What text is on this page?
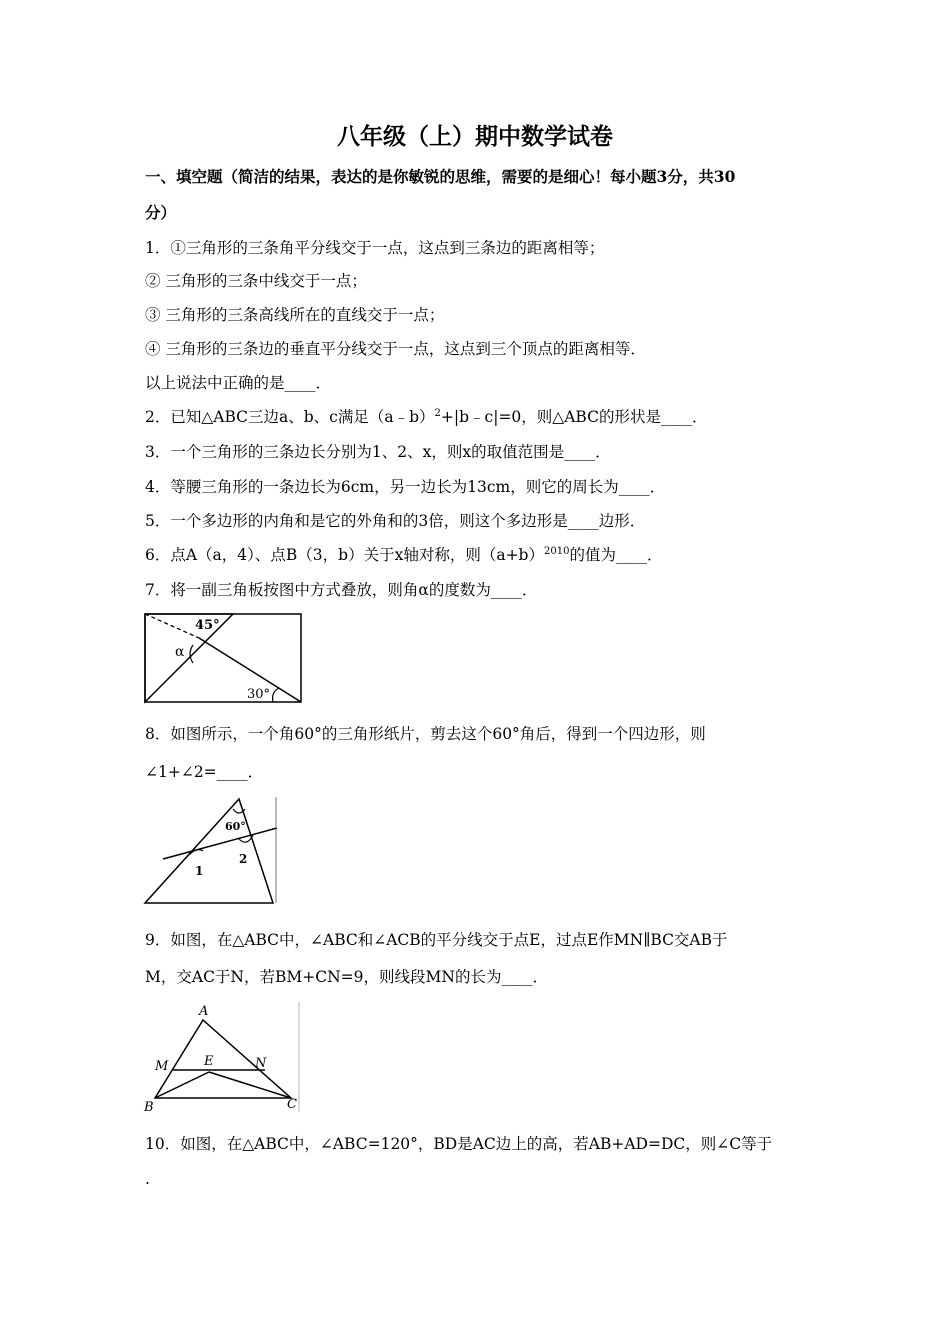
八年级（上）期中数学试卷
一、填空题（简洁的结果，表达的是你敏锐的思维，需要的是细心！每小题3分，共30
分）
1．①三角形的三条角平分线交于一点，这点到三条边的距离相等；
② 三角形的三条中线交于一点；
③ 三角形的三条高线所在的直线交于一点；
④ 三角形的三条边的垂直平分线交于一点，这点到三个顶点的距离相等．
以上说法中正确的是____．
2．已知△ABC三边a、b、c满足（a﹣b）$^2$+|b﹣c|=0，则△ABC的形状是____．
3．一个三角形的三条边长分别为1、2、x，则x的取值范围是____．
4．等腰三角形的一条边长为6cm，另一边长为13cm，则它的周长为____．
5．一个多边形的内角和是它的外角和的3倍，则这个多边形是____边形．
6．点A（a，4）、点B（3，b）关于x轴对称，则$(a+b)^{2010}$的值为____．
7．将一副三角板按图中方式叠放，则角α的度数为____．
45°
α
30°
8．如图所示，一个角60°的三角形纸片，剪去这个60°角后，得到一个四边形，则
∠1+∠2=____．
60°
1
2
9．如图，在△ABC中，∠ABC和∠ACB的平分线交于点E，过点E作MN∥BC交AB于
M，交AC于N，若BM+CN=9，则线段MN的长为____．
A
M	E	N
B	C
10．如图，在△ABC中，∠ABC=120°，BD是AC边上的高，若AB+AD=DC，则∠C等于
.
